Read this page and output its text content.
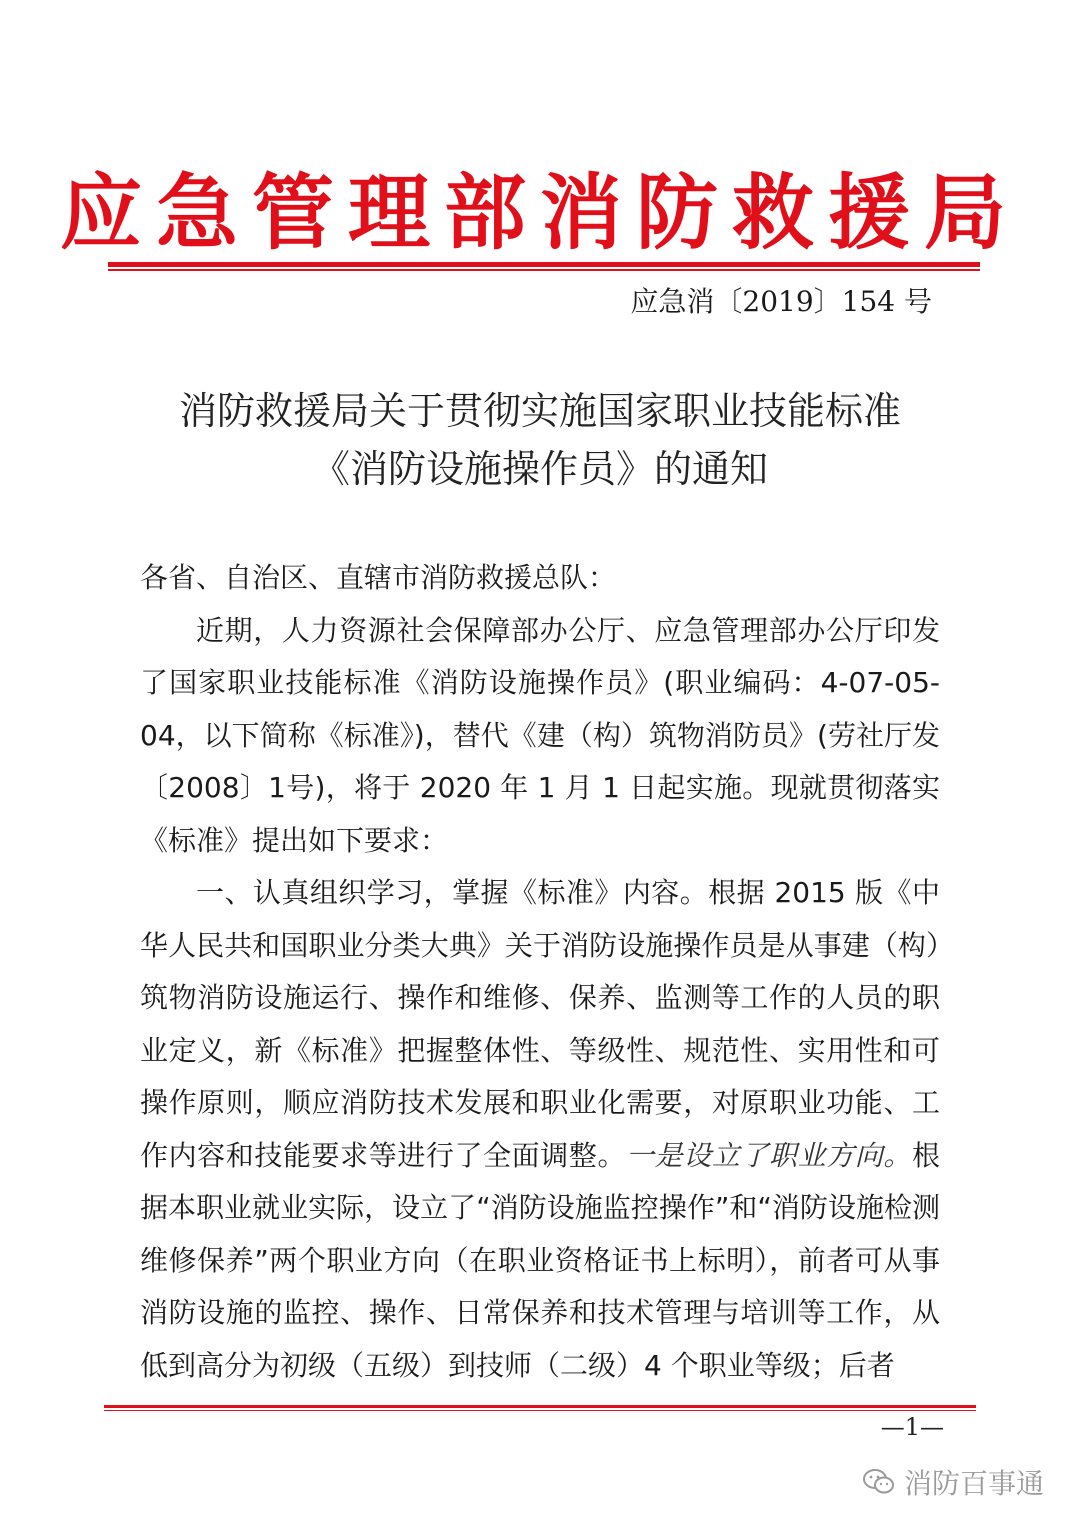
应急管理部消防救援局
应急消〔2019〕154 号
消防救援局关于贯彻实施国家职业技能标准
《消防设施操作员》的通知

各省、自治区、直辖市消防救援总队：

近期，人力资源社会保障部办公厅、应急管理部办公厅印发了国家职业技能标准《消防设施操作员》(职业编码：4-07-05-04，以下简称《标准》)，替代《建（构）筑物消防员》(劳社厅发〔2008〕1号)，将于 2020 年 1 月 1 日起实施。现就贯彻落实《标准》提出如下要求：

一、认真组织学习，掌握《标准》内容。根据 2015 版《中华人民共和国职业分类大典》关于消防设施操作员是从事建（构）筑物消防设施运行、操作和维修、保养、监测等工作的人员的职业定义，新《标准》把握整体性、等级性、规范性、实用性和可操作原则，顺应消防技术发展和职业化需要，对原职业功能、工作内容和技能要求等进行了全面调整。一是设立了职业方向。根据本职业就业实际，设立了“消防设施监控操作”和“消防设施检测维修保养”两个职业方向（在职业资格证书上标明），前者可从事消防设施的监控、操作、日常保养和技术管理与培训等工作，从低到高分为初级（五级）到技师（二级）4 个职业等级；后者

—1—
消防百事通
